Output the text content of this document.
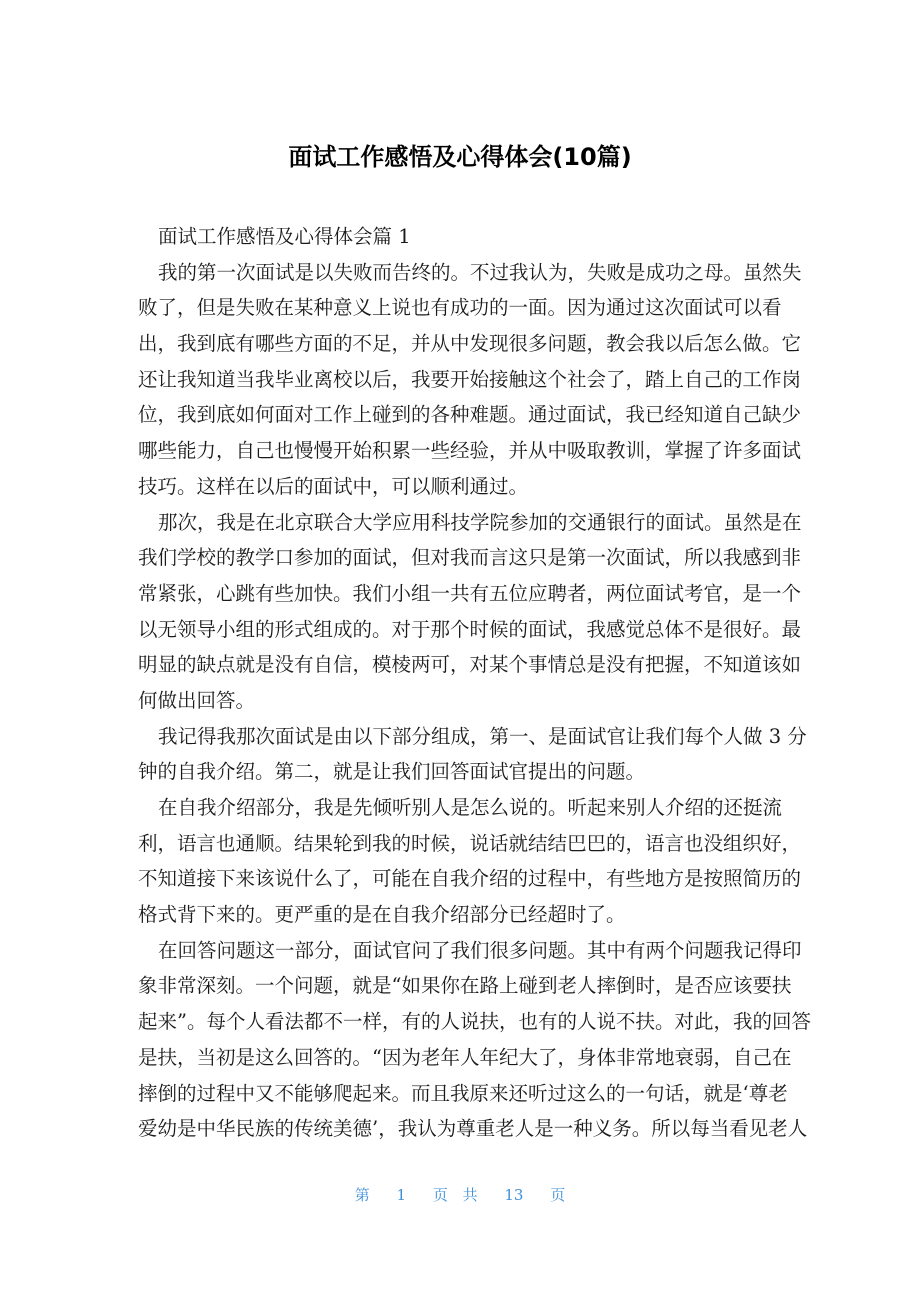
面试工作感悟及心得体会(10篇)
面试工作感悟及心得体会篇 1
我的第一次面试是以失败而告终的。不过我认为，失败是成功之母。虽然失
败了，但是失败在某种意义上说也有成功的一面。因为通过这次面试可以看
出，我到底有哪些方面的不足，并从中发现很多问题，教会我以后怎么做。它
还让我知道当我毕业离校以后，我要开始接触这个社会了，踏上自己的工作岗
位，我到底如何面对工作上碰到的各种难题。通过面试，我已经知道自己缺少
哪些能力，自己也慢慢开始积累一些经验，并从中吸取教训，掌握了许多面试
技巧。这样在以后的面试中，可以顺利通过。
那次，我是在北京联合大学应用科技学院参加的交通银行的面试。虽然是在
我们学校的教学口参加的面试，但对我而言这只是第一次面试，所以我感到非
常紧张，心跳有些加快。我们小组一共有五位应聘者，两位面试考官，是一个
以无领导小组的形式组成的。对于那个时候的面试，我感觉总体不是很好。最
明显的缺点就是没有自信，模棱两可，对某个事情总是没有把握，不知道该如
何做出回答。
我记得我那次面试是由以下部分组成，第一、是面试官让我们每个人做 3 分
钟的自我介绍。第二，就是让我们回答面试官提出的问题。
在自我介绍部分，我是先倾听别人是怎么说的。听起来别人介绍的还挺流
利，语言也通顺。结果轮到我的时候，说话就结结巴巴的，语言也没组织好，
不知道接下来该说什么了，可能在自我介绍的过程中，有些地方是按照简历的
格式背下来的。更严重的是在自我介绍部分已经超时了。
在回答问题这一部分，面试官问了我们很多问题。其中有两个问题我记得印
象非常深刻。一个问题，就是“如果你在路上碰到老人摔倒时，是否应该要扶
起来”。每个人看法都不一样，有的人说扶，也有的人说不扶。对此，我的回答
是扶，当初是这么回答的。“因为老年人年纪大了，身体非常地衰弱，自己在
摔倒的过程中又不能够爬起来。而且我原来还听过这么的一句话，就是‘尊老
爱幼是中华民族的传统美德’，我认为尊重老人是一种义务。所以每当看见老人
第 1 页 共 13 页
